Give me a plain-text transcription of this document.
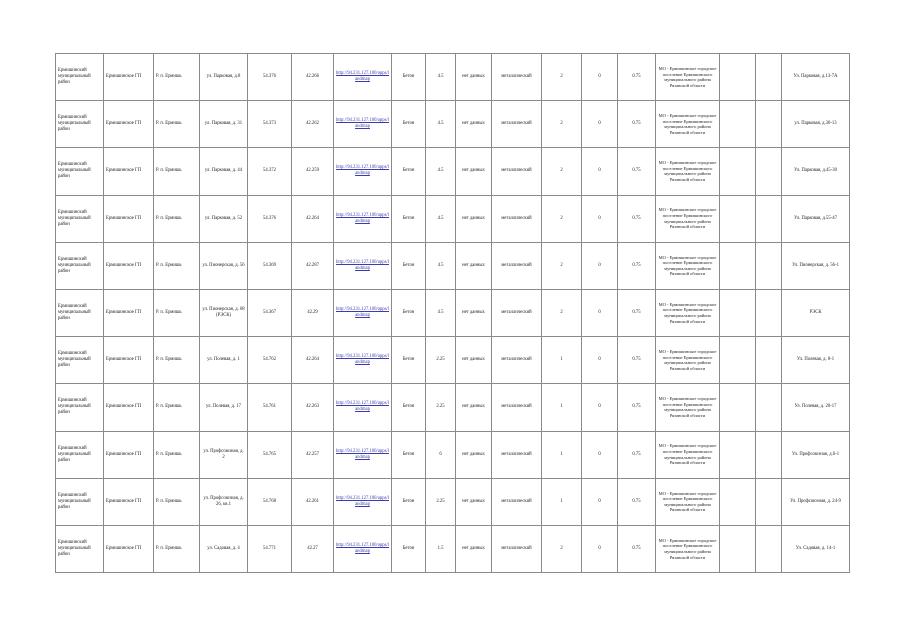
Ермишинский муниципальный район	Ермишинское ГП	Р. п. Ермишь	ул. Парковая, д.8	54.376	42.266	http://94.231.127.100/apps/landmap	Бетон	4.5	нет данных	металлический	2	0	0.75	МО - Ермишинское городское поселение Ермишинского муниципального района Рязанской области			Ул. Парковая, д.13-7А
Ермишинский муниципальный район	Ермишинское ГП	Р. п. Ермишь	ул. Парковая, д. 31	54.373	42.262	http://94.231.127.100/apps/landmap	Бетон	4.5	нет данных	металлический	2	0	0.75	МО - Ермишинское городское поселение Ермишинского муниципального района Рязанской области			ул. Парковая, д.30-13
Ермишинский муниципальный район	Ермишинское ГП	Р. п. Ермишь	ул. Парковая, д. 44	54.372	42.259	http://94.231.127.100/apps/landmap	Бетон	4.5	нет данных	металлический	2	0	0.75	МО - Ермишинское городское поселение Ермишинского муниципального района Рязанской области			Ул. Парковая, д.45-30
Ермишинский муниципальный район	Ермишинское ГП	Р. п. Ермишь	ул. Парковая, д. 52	54.376	42.264	http://94.231.127.100/apps/landmap	Бетон	4.5	нет данных	металлический	2	0	0.75	МО - Ермишинское городское поселение Ермишинского муниципального района Рязанской области			Ул. Парковая, д.55-47
Ермишинский муниципальный район	Ермишинское ГП	Р. п. Ермишь	ул. Пионерская, д. 56	54.369	42.287	http://94.231.127.100/apps/landmap	Бетон	4.5	нет данных	металлический	2	0	0.75	МО - Ермишинское городское поселение Ермишинского муниципального района Рязанской области			Ул. Пионерская, д. 56-1
Ермишинский муниципальный район	Ермишинское ГП	Р. п. Ермишь	ул. Пионерская, д. 68 (РЭСК)	54.367	42.29	http://94.231.127.100/apps/landmap	Бетон	4.5	нет данных	металлический	2	0	0.75	МО - Ермишинское городское поселение Ермишинского муниципального района Рязанской области			РЭСК
Ермишинский муниципальный район	Ермишинское ГП	Р. п. Ермишь	ул. Полевая, д. 1	54.762	42.264	http://94.231.127.100/apps/landmap	Бетон	2.25	нет данных	металлический	1	0	0.75	МО - Ермишинское городское поселение Ермишинского муниципального района Рязанской области			Ул. Полевая, д. 8-1
Ермишинский муниципальный район	Ермишинское ГП	Р. п. Ермишь	ул. Полевая, д. 17	54.761	42.263	http://94.231.127.100/apps/landmap	Бетон	2.25	нет данных	металлический	1	0	0.75	МО - Ермишинское городское поселение Ермишинского муниципального района Рязанской области			Ул. Полевая, д. 20-17
Ермишинский муниципальный район	Ермишинское ГП	Р. п. Ермишь	ул. Профсоюзная, д. 2	54.765	42.257	http://94.231.127.100/apps/landmap	Бетон	6	нет данных	металлический	1	0	0.75	МО - Ермишинское городское поселение Ермишинского муниципального района Рязанской области			Ул. Профсоюзная, д.6-1
Ермишинский муниципальный район	Ермишинское ГП	Р. п. Ермишь	ул. Профсоюзная, д. 26, кв.1	54.768	42.261	http://94.231.127.100/apps/landmap	Бетон	2.25	нет данных	металлический	1	0	0.75	МО - Ермишинское городское поселение Ермишинского муниципального района Рязанской области			Ул. Профсоюзная, д. 24-9
Ермишинский муниципальный район	Ермишинское ГП	Р. п. Ермишь	ул. Садовая, д. 4	54.771	42.27	http://94.231.127.100/apps/landmap	Бетон	1.5	нет данных	металлический	2	0	0.75	МО - Ермишинское городское поселение Ермишинского муниципального района Рязанской области			Ул. Садовая, д. 14-1
